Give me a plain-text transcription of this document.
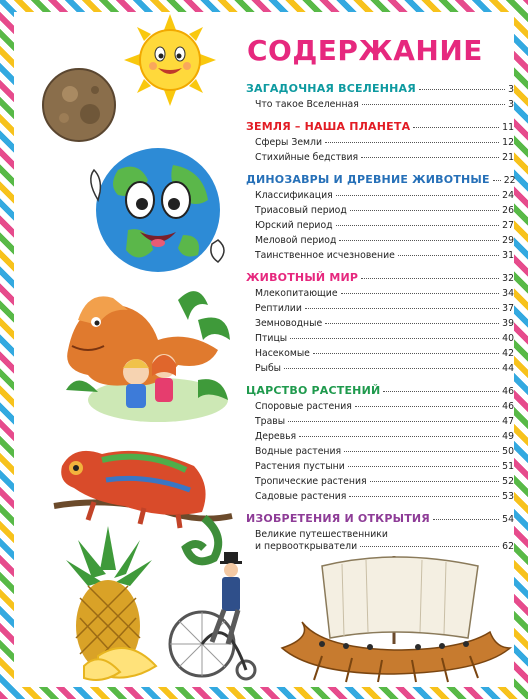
СОДЕРЖАНИЕ
ЗАГАДОЧНАЯ ВСЕЛЕННАЯ	3
Что такое Вселенная	3
ЗЕМЛЯ – НАША ПЛАНЕТА	11
Сферы Земли	12
Стихийные бедствия	21
ДИНОЗАВРЫ И ДРЕВНИЕ ЖИВОТНЫЕ 22
Классификация	24
Триасовый период	26
Юрский период	27
Меловой период	29
Таинственное исчезновение	31
ЖИВОТНЫЙ МИР	32
Млекопитающие	34
Рептилии	37
Земноводные	39
Птицы	40
Насекомые	42
Рыбы	44
ЦАРСТВО РАСТЕНИЙ	46
Споровые растения	46
Травы	47
Деревья	49
Водные растения	50
Растения пустыни	51
Тропические растения	52
Садовые растения	53
ИЗОБРЕТЕНИЯ И ОТКРЫТИЯ	54
Великие путешественники
и первооткрыватели	62
